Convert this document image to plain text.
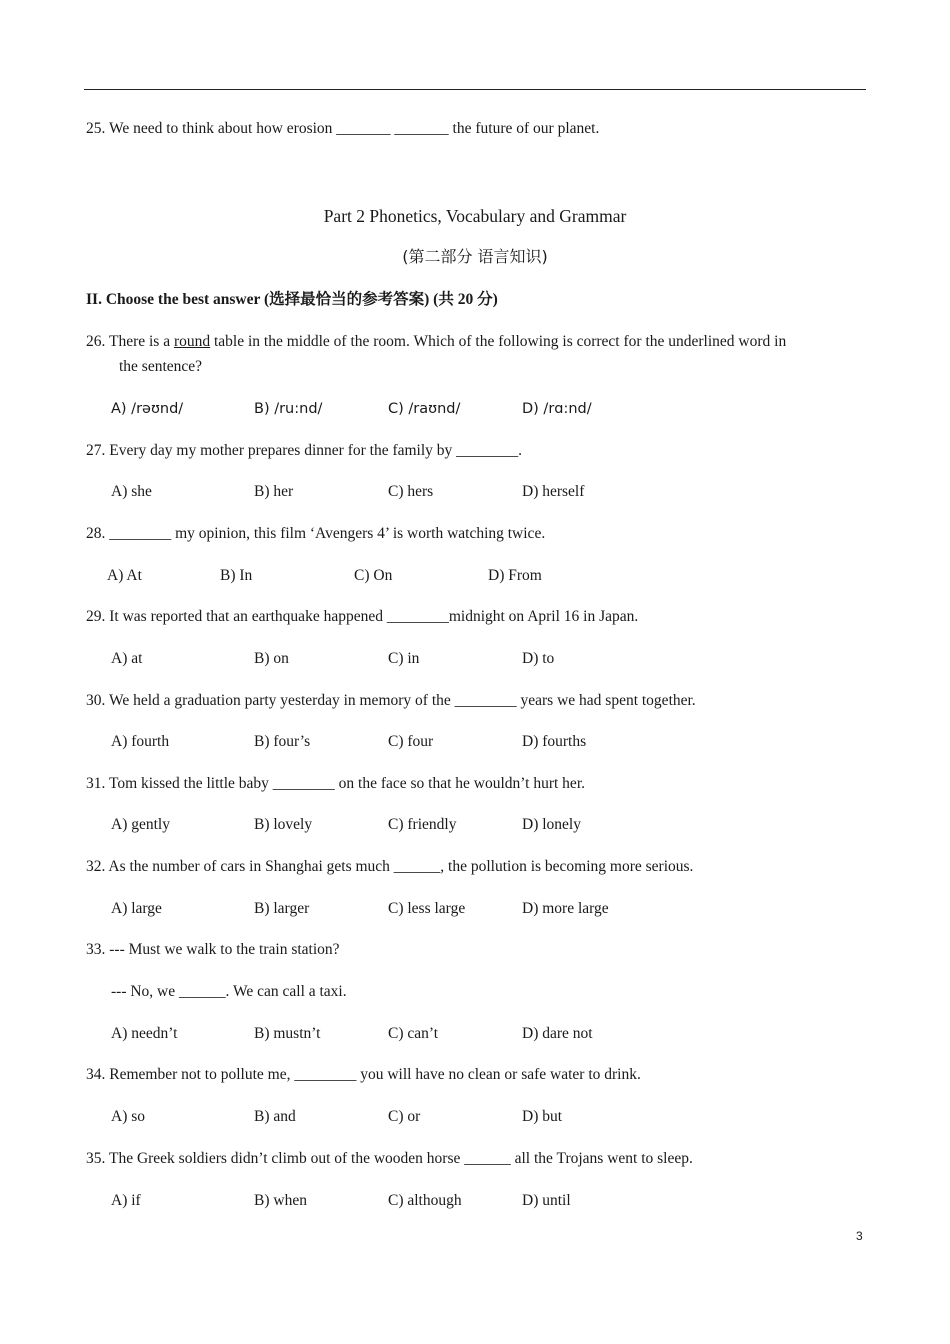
25. We need to think about how erosion _______ _______ the future of our planet.
Part 2 Phonetics, Vocabulary and Grammar
(第二部分 语言知识)
II. Choose the best answer (选择最恰当的参考答案) (共 20 分)
26. There is a round table in the middle of the room. Which of the following is correct for the underlined word in
the sentence?
A) /rəʊnd/	B) /ru:nd/	C) /raʊnd/	D) /rɑ:nd/
27. Every day my mother prepares dinner for the family by ________.
A) she	B) her	C) hers	D) herself
28. ________ my opinion, this film ‘Avengers 4’ is worth watching twice.
A) At	B) In	C) On	D) From
29. It was reported that an earthquake happened ________midnight on April 16 in Japan.
A) at	B) on	C) in	D) to
30. We held a graduation party yesterday in memory of the ________ years we had spent together.
A) fourth	B) four’s	C) four	D) fourths
31. Tom kissed the little baby ________ on the face so that he wouldn’t hurt her.
A) gently	B) lovely	C) friendly	D) lonely
32. As the number of cars in Shanghai gets much ______, the pollution is becoming more serious.
A) large	B) larger	C) less large	D) more large
33. --- Must we walk to the train station?
--- No, we ______. We can call a taxi.
A) needn’t	B) mustn’t	C) can’t	D) dare not
34. Remember not to pollute me, ________ you will have no clean or safe water to drink.
A) so	B) and	C) or	D) but
35. The Greek soldiers didn’t climb out of the wooden horse ______ all the Trojans went to sleep.
A) if	B) when	C) although	D) until
3
